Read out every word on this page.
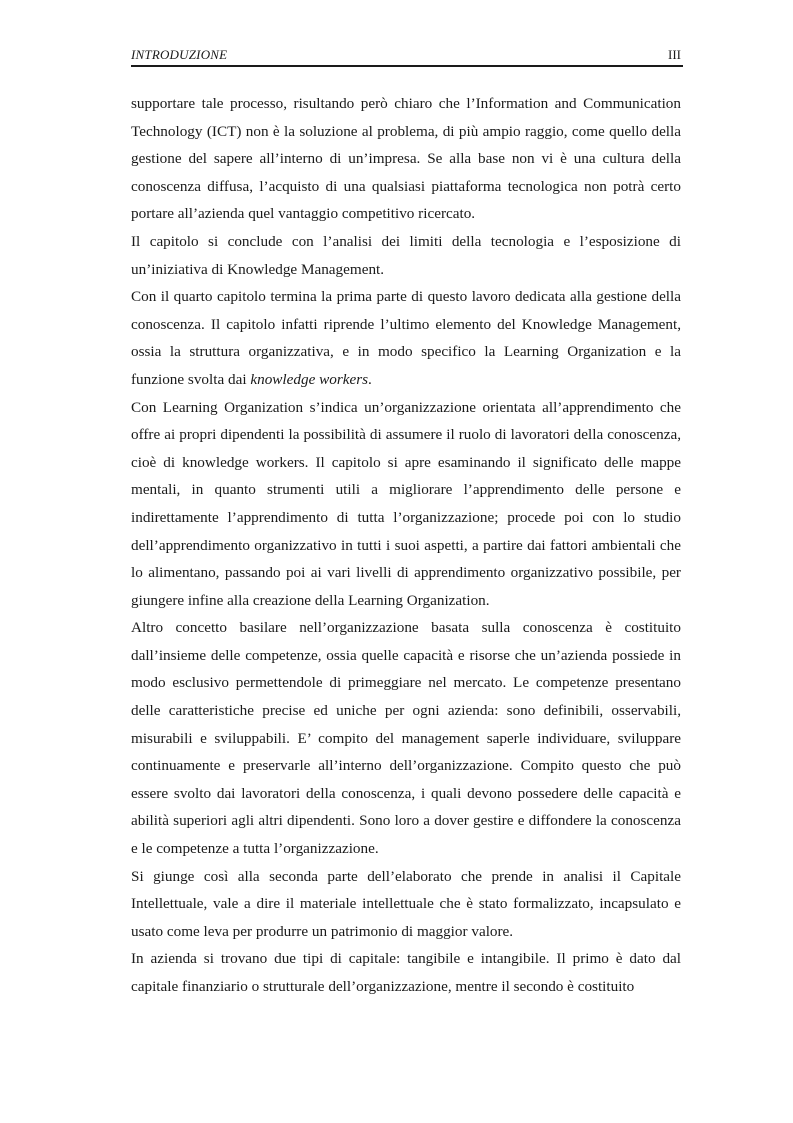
INTRODUZIONE	III

supportare tale processo, risultando però chiaro che l’Information and Communication Technology (ICT) non è la soluzione al problema, di più ampio raggio, come quello della gestione del sapere all’interno di un’impresa. Se alla base non vi è una cultura della conoscenza diffusa, l’acquisto di una qualsiasi piattaforma tecnologica non potrà certo portare all’azienda quel vantaggio competitivo ricercato.

Il capitolo si conclude con l’analisi dei limiti della tecnologia e l’esposizione di un’iniziativa di Knowledge Management.

Con il quarto capitolo termina la prima parte di questo lavoro dedicata alla gestione della conoscenza. Il capitolo infatti riprende l’ultimo elemento del Knowledge Management, ossia la struttura organizzativa, e in modo specifico la Learning Organization e la funzione svolta dai knowledge workers.

Con Learning Organization s’indica un’organizzazione orientata all’apprendimento che offre ai propri dipendenti la possibilità di assumere il ruolo di lavoratori della conoscenza, cioè di knowledge workers. Il capitolo si apre esaminando il significato delle mappe mentali, in quanto strumenti utili a migliorare l’apprendimento delle persone e indirettamente l’apprendimento di tutta l’organizzazione; procede poi con lo studio dell’apprendimento organizzativo in tutti i suoi aspetti, a partire dai fattori ambientali che lo alimentano, passando poi ai vari livelli di apprendimento organizzativo possibile, per giungere infine alla creazione della Learning Organization.

Altro concetto basilare nell’organizzazione basata sulla conoscenza è costituito dall’insieme delle competenze, ossia quelle capacità e risorse che un’azienda possiede in modo esclusivo permettendole di primeggiare nel mercato. Le competenze presentano delle caratteristiche precise ed uniche per ogni azienda: sono definibili, osservabili, misurabili e sviluppabili. E’ compito del management saperle individuare, sviluppare continuamente e preservarle all’interno dell’organizzazione. Compito questo che può essere svolto dai lavoratori della conoscenza, i quali devono possedere delle capacità e abilità superiori agli altri dipendenti. Sono loro a dover gestire e diffondere la conoscenza e le competenze a tutta l’organizzazione.

Si giunge così alla seconda parte dell’elaborato che prende in analisi il Capitale Intellettuale, vale a dire il materiale intellettuale che è stato formalizzato, incapsulato e usato come leva per produrre un patrimonio di maggior valore.

In azienda si trovano due tipi di capitale: tangibile e intangibile. Il primo è dato dal capitale finanziario o strutturale dell’organizzazione, mentre il secondo è costituito
